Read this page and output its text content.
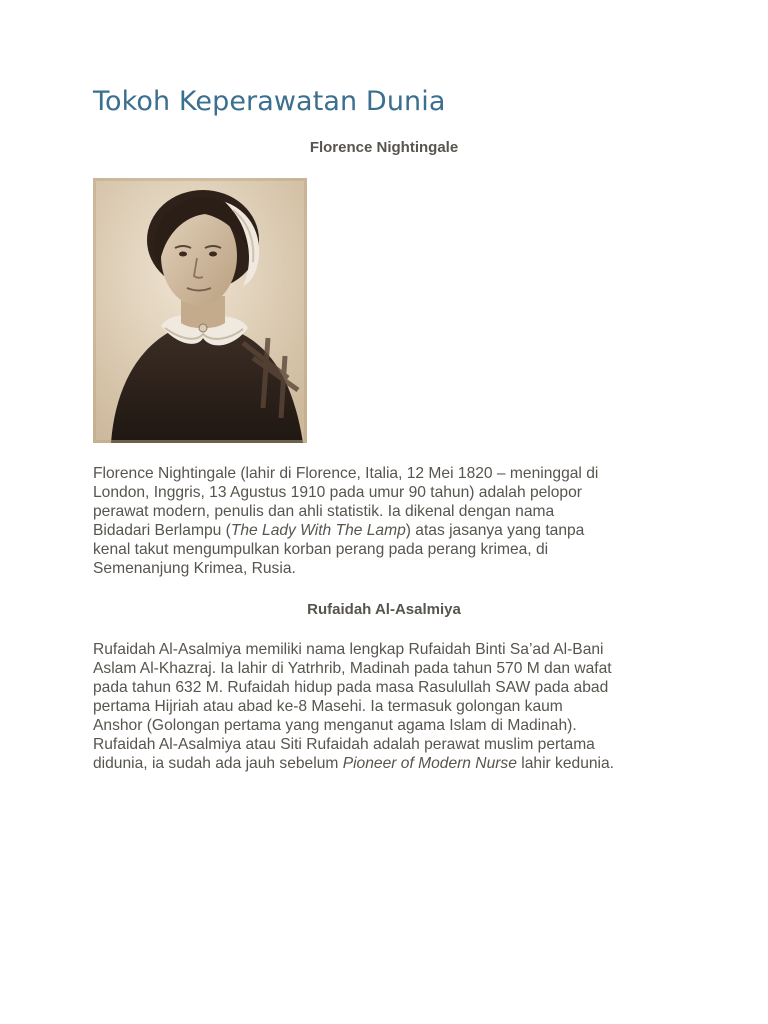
Tokoh Keperawatan Dunia
Florence Nightingale

Florence Nightingale (lahir di Florence, Italia, 12 Mei 1820 – meninggal di
London, Inggris, 13 Agustus 1910 pada umur 90 tahun) adalah pelopor
perawat modern, penulis dan ahli statistik. Ia dikenal dengan nama
Bidadari Berlampu (The Lady With The Lamp) atas jasanya yang tanpa
kenal takut mengumpulkan korban perang pada perang krimea, di
Semenanjung Krimea, Rusia.

Rufaidah Al-Asalmiya

Rufaidah Al-Asalmiya memiliki nama lengkap Rufaidah Binti Sa’ad Al-Bani
Aslam Al-Khazraj. Ia lahir di Yatrhrib, Madinah pada tahun 570 M dan wafat
pada tahun 632 M. Rufaidah hidup pada masa Rasulullah SAW pada abad
pertama Hijriah atau abad ke-8 Masehi. Ia termasuk golongan kaum
Anshor (Golongan pertama yang menganut agama Islam di Madinah).
Rufaidah Al-Asalmiya atau Siti Rufaidah adalah perawat muslim pertama
didunia, ia sudah ada jauh sebelum Pioneer of Modern Nurse lahir kedunia.
